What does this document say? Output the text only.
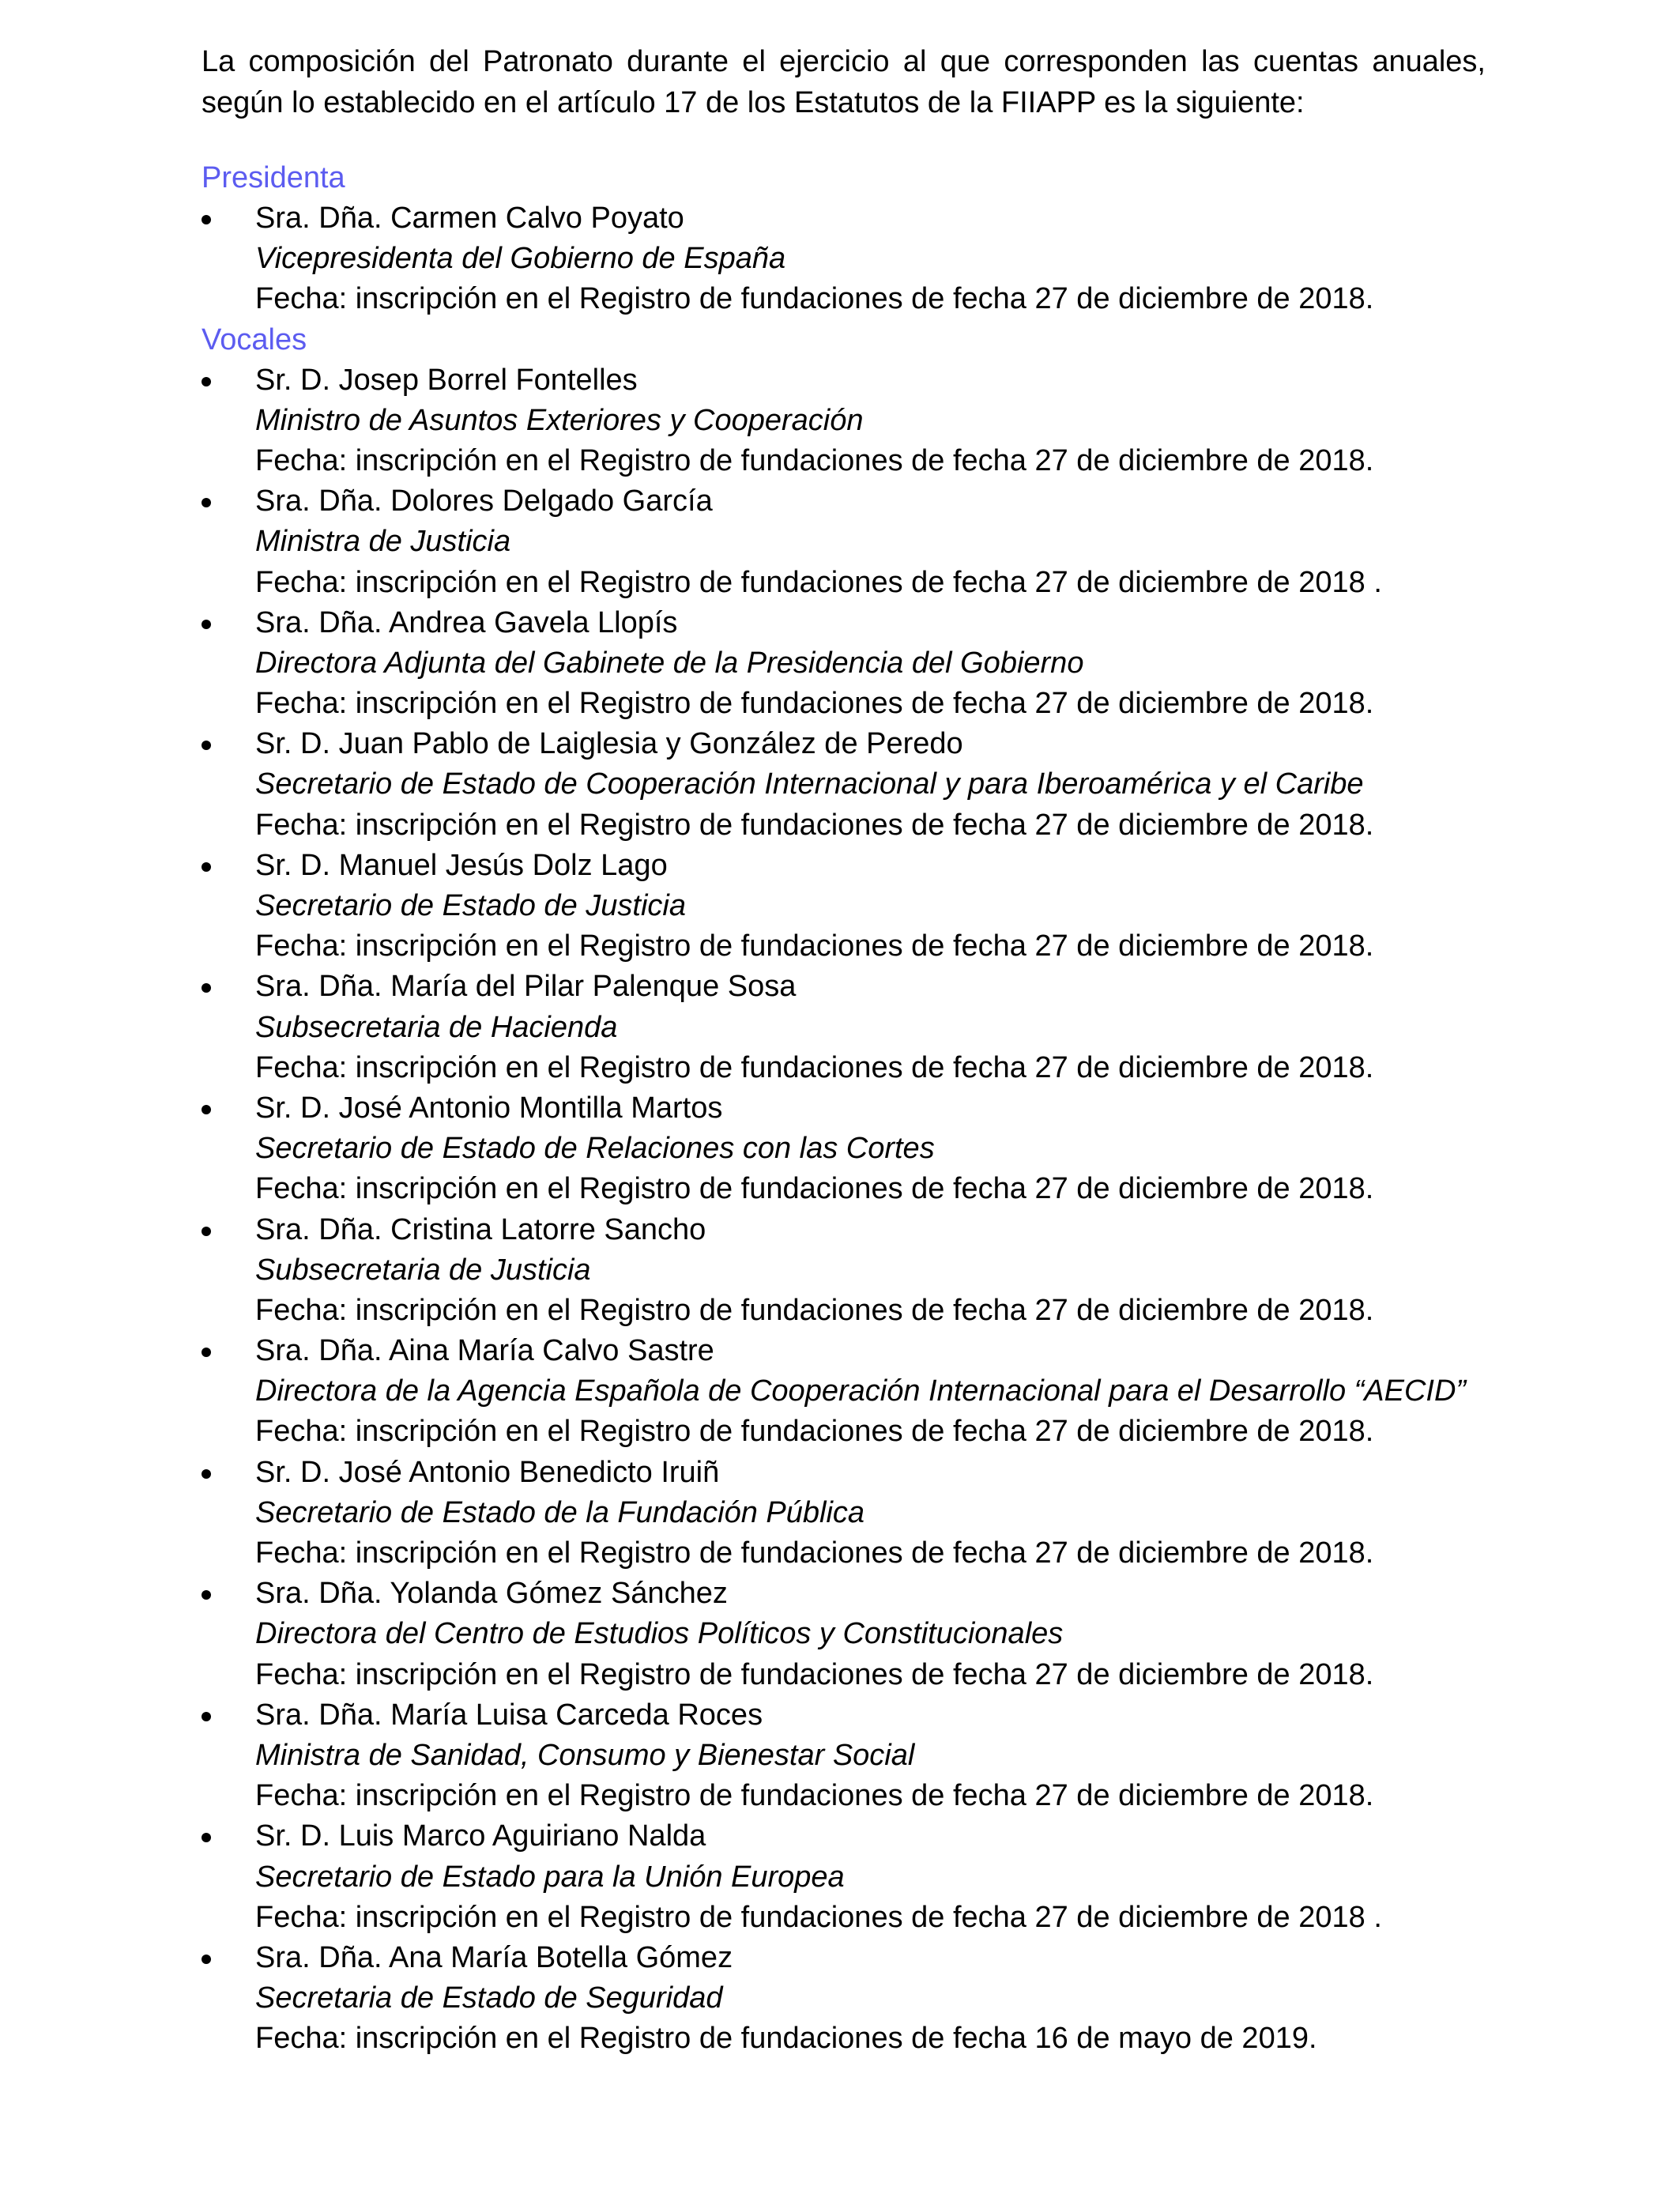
La composición del Patronato durante el ejercicio al que corresponden las cuentas anuales, según lo establecido en el artículo 17 de los Estatutos de la FIIAPP es la siguiente:

Presidenta
Sra. Dña. Carmen Calvo Poyato
Vicepresidenta del Gobierno de España
Fecha: inscripción en el Registro de fundaciones de fecha 27 de diciembre de 2018.
Vocales
Sr. D. Josep Borrel Fontelles
Ministro de Asuntos Exteriores y Cooperación
Fecha: inscripción en el Registro de fundaciones de fecha 27 de diciembre de 2018.
Sra. Dña. Dolores Delgado García
Ministra de Justicia
Fecha: inscripción en el Registro de fundaciones de fecha 27 de diciembre de 2018 .
Sra. Dña. Andrea Gavela Llopís
Directora Adjunta del Gabinete de la Presidencia del Gobierno
Fecha: inscripción en el Registro de fundaciones de fecha 27 de diciembre de 2018.
Sr. D. Juan Pablo de Laiglesia y González de Peredo
Secretario de Estado de Cooperación Internacional y para Iberoamérica y el Caribe
Fecha: inscripción en el Registro de fundaciones de fecha 27 de diciembre de 2018.
Sr. D. Manuel Jesús Dolz Lago
Secretario de Estado de Justicia
Fecha: inscripción en el Registro de fundaciones de fecha 27 de diciembre de 2018.
Sra. Dña. María del Pilar Palenque Sosa
Subsecretaria de Hacienda
Fecha: inscripción en el Registro de fundaciones de fecha 27 de diciembre de 2018.
Sr. D. José Antonio Montilla Martos
Secretario de Estado de Relaciones con las Cortes
Fecha: inscripción en el Registro de fundaciones de fecha 27 de diciembre de 2018.
Sra. Dña. Cristina Latorre Sancho
Subsecretaria de Justicia
Fecha: inscripción en el Registro de fundaciones de fecha 27 de diciembre de 2018.
Sra. Dña. Aina María Calvo Sastre
Directora de la Agencia Española de Cooperación Internacional para el Desarrollo “AECID”
Fecha: inscripción en el Registro de fundaciones de fecha 27 de diciembre de 2018.
Sr. D. José Antonio Benedicto Iruiñ
Secretario de Estado de la Fundación Pública
Fecha: inscripción en el Registro de fundaciones de fecha 27 de diciembre de 2018.
Sra. Dña. Yolanda Gómez Sánchez
Directora del Centro de Estudios Políticos y Constitucionales
Fecha: inscripción en el Registro de fundaciones de fecha 27 de diciembre de 2018.
Sra. Dña. María Luisa Carceda Roces
Ministra de Sanidad, Consumo y Bienestar Social
Fecha: inscripción en el Registro de fundaciones de fecha 27 de diciembre de 2018.
Sr. D. Luis Marco Aguiriano Nalda
Secretario de Estado para la Unión Europea
Fecha: inscripción en el Registro de fundaciones de fecha 27 de diciembre de 2018 .
Sra. Dña. Ana María Botella Gómez
Secretaria de Estado de Seguridad
Fecha: inscripción en el Registro de fundaciones de fecha 16 de mayo de 2019.
